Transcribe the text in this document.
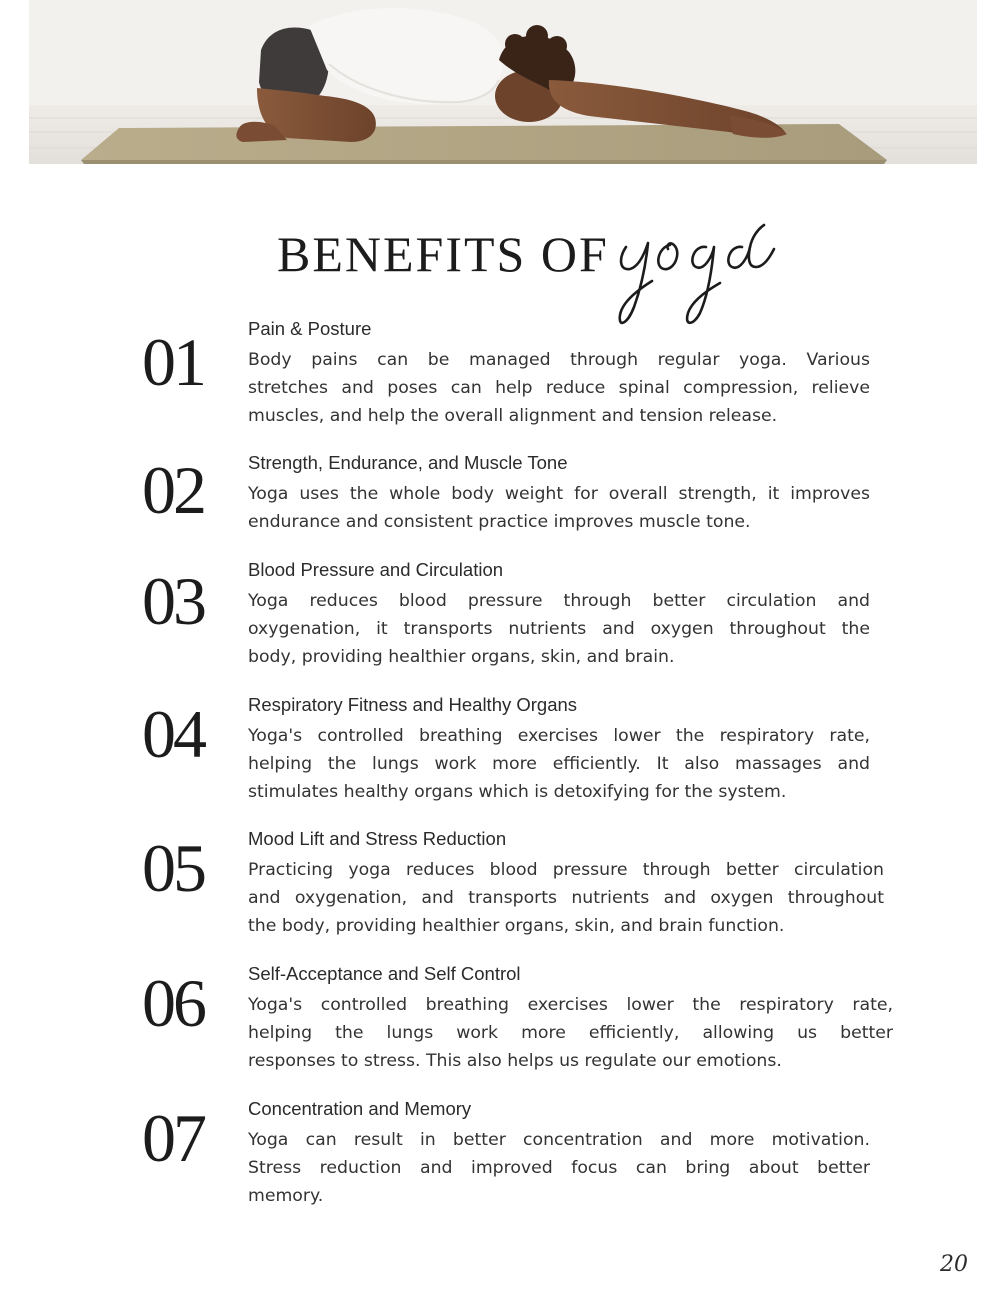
BENEFITS OF
01	Pain & Posture

Body pains can be managed through regular yoga. Various
stretches and poses can help reduce spinal compression, relieve
muscles, and help the overall alignment and tension release.

02	Strength, Endurance, and Muscle Tone

Yoga uses the whole body weight for overall strength, it improves
endurance and consistent practice improves muscle tone.

03	Blood Pressure and Circulation

Yoga reduces blood pressure through better circulation and
oxygenation, it transports nutrients and oxygen throughout the
body, providing healthier organs, skin, and brain.

04	Respiratory Fitness and Healthy Organs

Yoga's controlled breathing exercises lower the respiratory rate,
helping the lungs work more efficiently. It also massages and
stimulates healthy organs which is detoxifying for the system.

05	Mood Lift and Stress Reduction

Practicing yoga reduces blood pressure through better circulation
and oxygenation, and transports nutrients and oxygen throughout
the body, providing healthier organs, skin, and brain function.

06	Self-Acceptance and Self Control

Yoga's controlled breathing exercises lower the respiratory rate,
helping the lungs work more efficiently, allowing us better
responses to stress. This also helps us regulate our emotions.

07	Concentration and Memory

Yoga can result in better concentration and more motivation.
Stress reduction and improved focus can bring about better
memory.

20
